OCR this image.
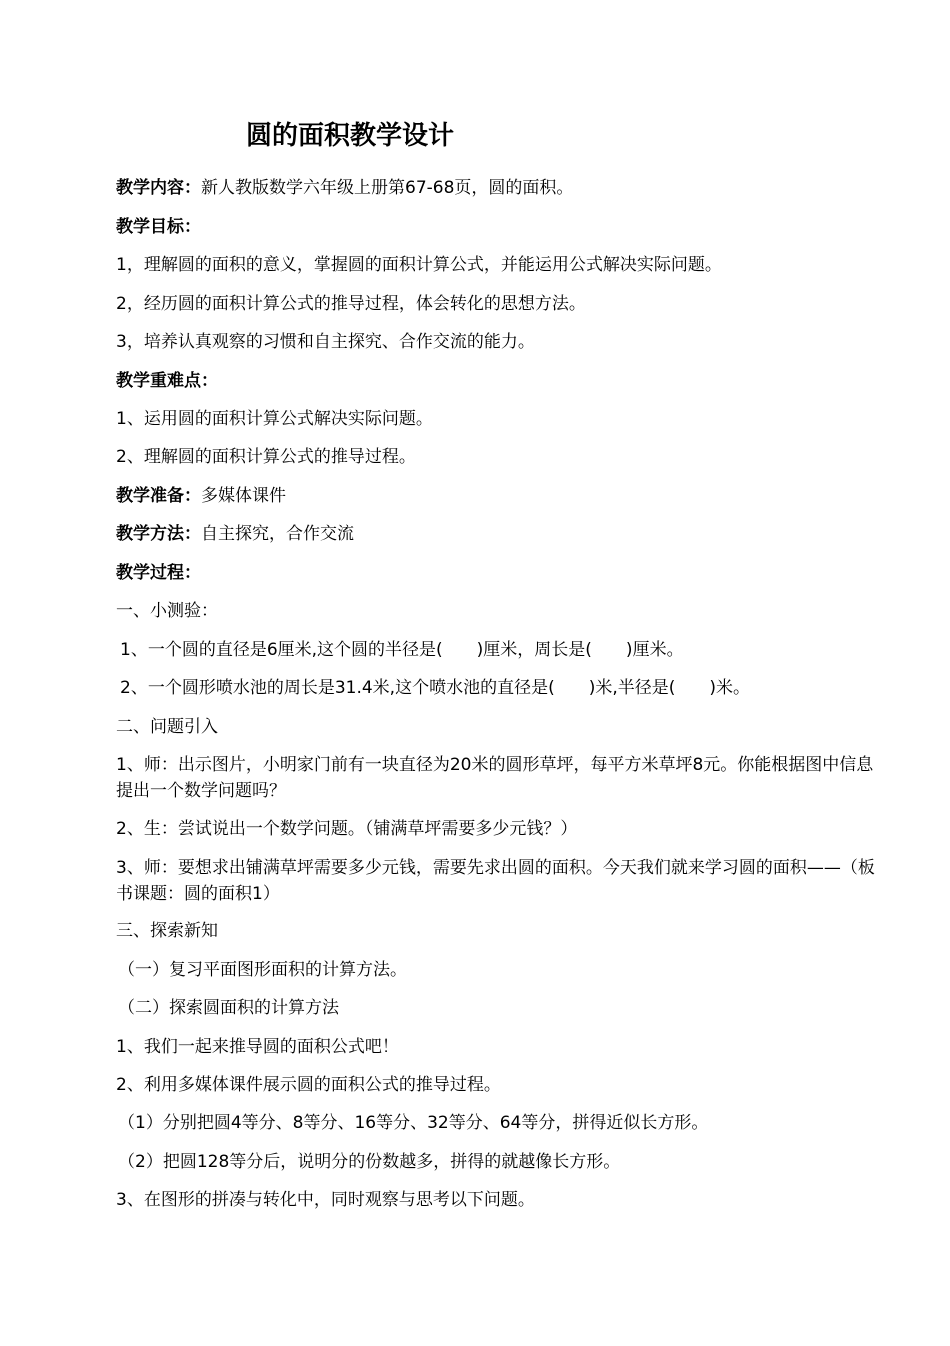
圆的面积教学设计
教学内容：新人教版数学六年级上册第67-68页，圆的面积。
教学目标：
1，理解圆的面积的意义，掌握圆的面积计算公式，并能运用公式解决实际问题。
2，经历圆的面积计算公式的推导过程，体会转化的思想方法。
3，培养认真观察的习惯和自主探究、合作交流的能力。
教学重难点：
1、运用圆的面积计算公式解决实际问题。
2、理解圆的面积计算公式的推导过程。
教学准备：多媒体课件
教学方法：自主探究，合作交流
教学过程：
一、小测验：
1、一个圆的直径是6厘米,这个圆的半径是(　　)厘米，周长是(　　)厘米。
2、一个圆形喷水池的周长是31.4米,这个喷水池的直径是(　　)米,半径是(　　)米。
二、问题引入
1、师：出示图片，小明家门前有一块直径为20米的圆形草坪，每平方米草坪8元。你能根据图中信息提出一个数学问题吗？
2、生：尝试说出一个数学问题。（铺满草坪需要多少元钱？）
3、师：要想求出铺满草坪需要多少元钱，需要先求出圆的面积。今天我们就来学习圆的面积——（板书课题：圆的面积1）
三、探索新知
（一）复习平面图形面积的计算方法。
（二）探索圆面积的计算方法
1、我们一起来推导圆的面积公式吧！
2、利用多媒体课件展示圆的面积公式的推导过程。
（1）分别把圆4等分、8等分、16等分、32等分、64等分，拼得近似长方形。
（2）把圆128等分后，说明分的份数越多，拼得的就越像长方形。
3、在图形的拼凑与转化中，同时观察与思考以下问题。
